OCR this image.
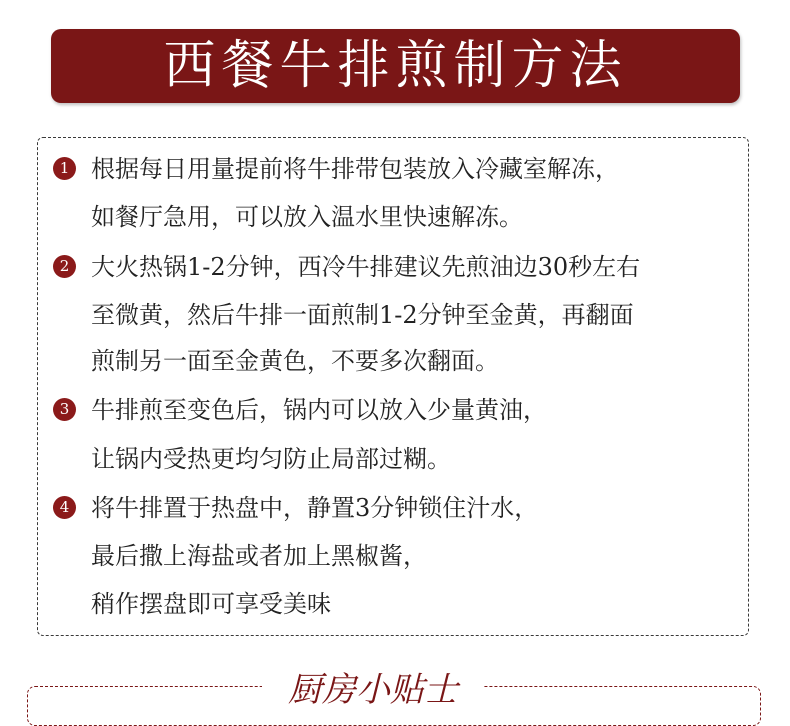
西餐牛排煎制方法
1 根据每日用量提前将牛排带包装放入冷藏室解冻，
如餐厅急用，可以放入温水里快速解冻。
2 大火热锅1-2分钟，西冷牛排建议先煎油边30秒左右
至微黄，然后牛排一面煎制1-2分钟至金黄，再翻面
煎制另一面至金黄色，不要多次翻面。
3 牛排煎至变色后，锅内可以放入少量黄油，
让锅内受热更均匀防止局部过糊。
4 将牛排置于热盘中，静置3分钟锁住汁水，
最后撒上海盐或者加上黑椒酱，
稍作摆盘即可享受美味
厨房小贴士
